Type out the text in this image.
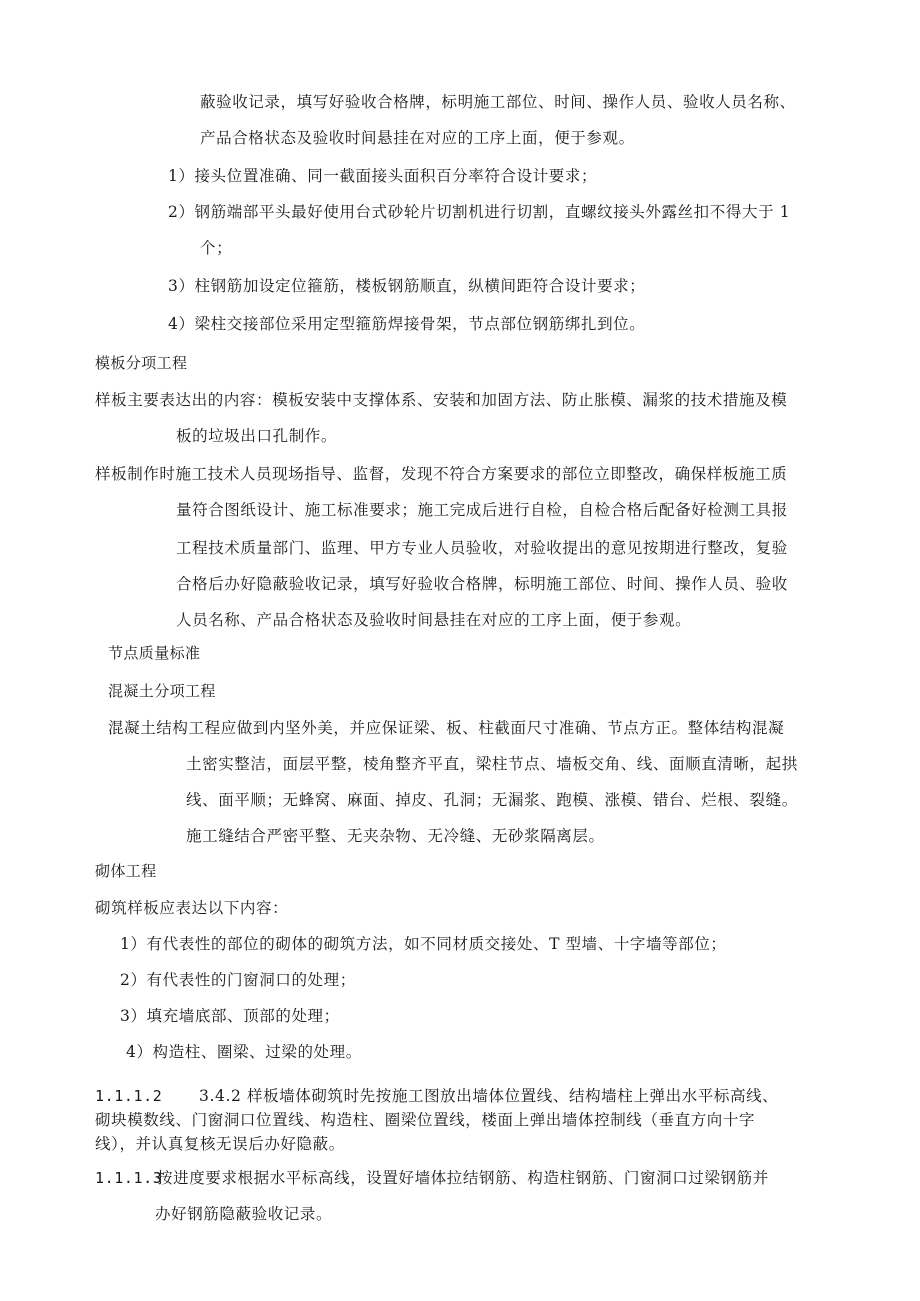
蔽验收记录，填写好验收合格牌，标明施工部位、时间、操作人员、验收人员名称、
产品合格状态及验收时间悬挂在对应的工序上面，便于参观。
1）接头位置准确、同一截面接头面积百分率符合设计要求；
2）钢筋端部平头最好使用台式砂轮片切割机进行切割，直螺纹接头外露丝扣不得大于 1
个；
3）柱钢筋加设定位箍筋，楼板钢筋顺直，纵横间距符合设计要求；
4）梁柱交接部位采用定型箍筋焊接骨架，节点部位钢筋绑扎到位。
模板分项工程
样板主要表达出的内容：模板安装中支撑体系、安装和加固方法、防止胀模、漏浆的技术措施及模
板的垃圾出口孔制作。
样板制作时施工技术人员现场指导、监督，发现不符合方案要求的部位立即整改，确保样板施工质
量符合图纸设计、施工标准要求；施工完成后进行自检，自检合格后配备好检测工具报
工程技术质量部门、监理、甲方专业人员验收，对验收提出的意见按期进行整改，复验
合格后办好隐蔽验收记录，填写好验收合格牌，标明施工部位、时间、操作人员、验收
人员名称、产品合格状态及验收时间悬挂在对应的工序上面，便于参观。
节点质量标准
混凝土分项工程
混凝土结构工程应做到内坚外美，并应保证梁、板、柱截面尺寸准确、节点方正。整体结构混凝
土密实整洁，面层平整，棱角整齐平直，梁柱节点、墙板交角、线、面顺直清晰，起拱
线、面平顺；无蜂窝、麻面、掉皮、孔洞；无漏浆、跑模、涨模、错台、烂根、裂缝。
施工缝结合严密平整、无夹杂物、无冷缝、无砂浆隔离层。
砌体工程
砌筑样板应表达以下内容：
1）有代表性的部位的砌体的砌筑方法，如不同材质交接处、T 型墙、十字墙等部位；
2）有代表性的门窗洞口的处理；
3）填充墙底部、顶部的处理；
4）构造柱、圈梁、过梁的处理。
1.1.1.2 3.4.2 样板墙体砌筑时先按施工图放出墙体位置线、结构墙柱上弹出水平标高线、
砌块模数线、门窗洞口位置线、构造柱、圈梁位置线，楼面上弹出墙体控制线（垂直方向十字
线），并认真复核无误后办好隐蔽。
1.1.1.3按进度要求根据水平标高线，设置好墙体拉结钢筋、构造柱钢筋、门窗洞口过梁钢筋并
办好钢筋隐蔽验收记录。
